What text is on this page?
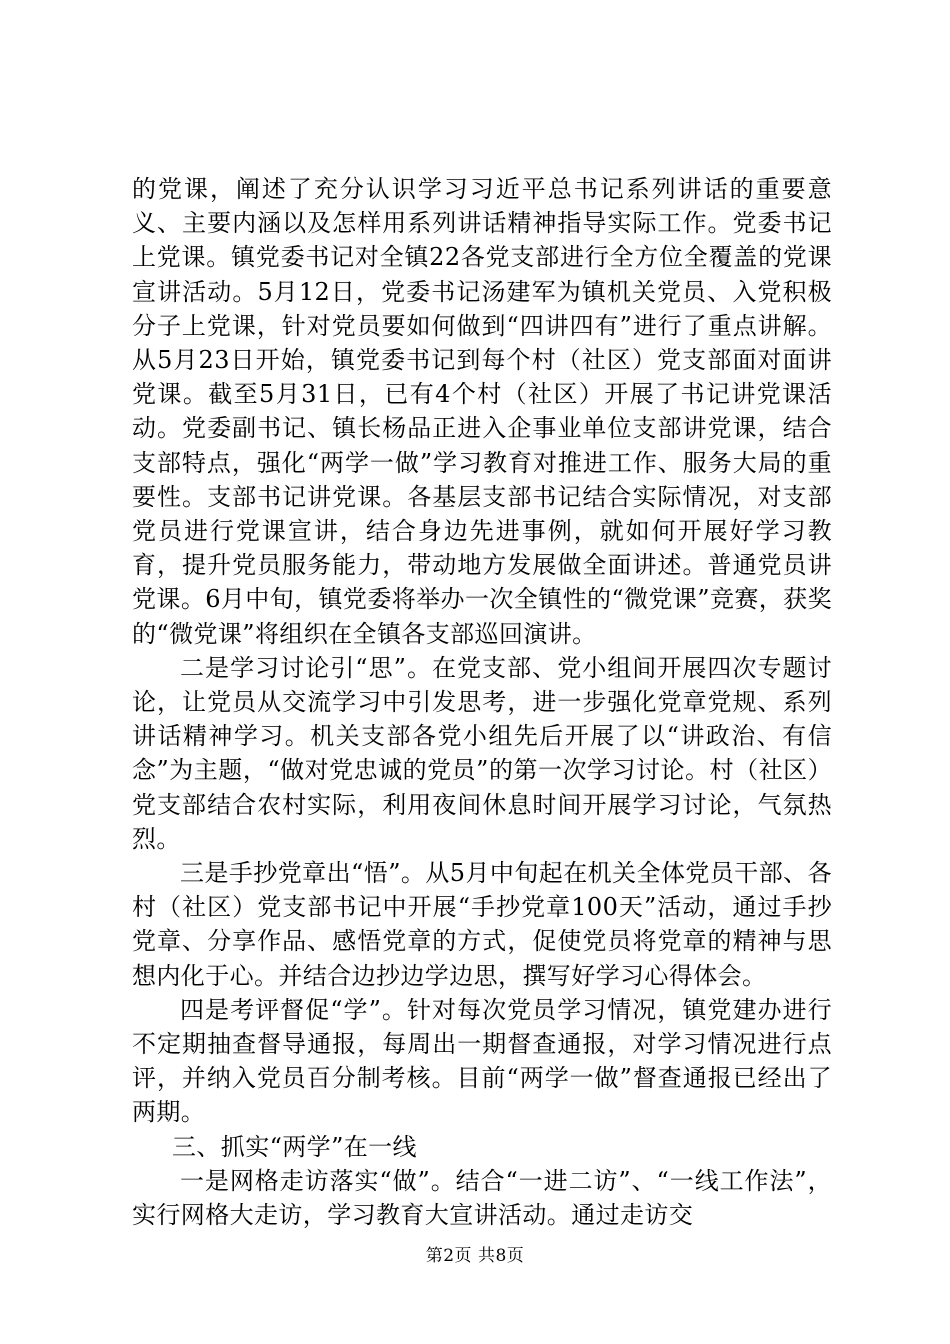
的党课，阐述了充分认识学习习近平总书记系列讲话的重要意义、主要内涵以及怎样用系列讲话精神指导实际工作。党委书记上党课。镇党委书记对全镇22各党支部进行全方位全覆盖的党课宣讲活动。5月12日，党委书记汤建军为镇机关党员、入党积极分子上党课，针对党员要如何做到“四讲四有”进行了重点讲解。从5月23日开始，镇党委书记到每个村（社区）党支部面对面讲党课。截至5月31日，已有4个村（社区）开展了书记讲党课活动。党委副书记、镇长杨品正进入企事业单位支部讲党课，结合支部特点，强化“两学一做”学习教育对推进工作、服务大局的重要性。支部书记讲党课。各基层支部书记结合实际情况，对支部党员进行党课宣讲，结合身边先进事例，就如何开展好学习教育，提升党员服务能力，带动地方发展做全面讲述。普通党员讲党课。6月中旬，镇党委将举办一次全镇性的“微党课”竞赛，获奖的“微党课”将组织在全镇各支部巡回演讲。

二是学习讨论引“思”。在党支部、党小组间开展四次专题讨论，让党员从交流学习中引发思考，进一步强化党章党规、系列讲话精神学习。机关支部各党小组先后开展了以“讲政治、有信念”为主题，“做对党忠诚的党员”的第一次学习讨论。村（社区）党支部结合农村实际，利用夜间休息时间开展学习讨论，气氛热烈。

三是手抄党章出“悟”。从5月中旬起在机关全体党员干部、各村（社区）党支部书记中开展“手抄党章100天”活动，通过手抄党章、分享作品、感悟党章的方式，促使党员将党章的精神与思想内化于心。并结合边抄边学边思，撰写好学习心得体会。

四是考评督促“学”。针对每次党员学习情况，镇党建办进行不定期抽查督导通报，每周出一期督查通报，对学习情况进行点评，并纳入党员百分制考核。目前“两学一做”督查通报已经出了两期。

三、抓实“两学”在一线

一是网格走访落实“做”。结合“一进二访”、“一线工作法”，实行网格大走访，学习教育大宣讲活动。通过走访交

第2页 共8页
